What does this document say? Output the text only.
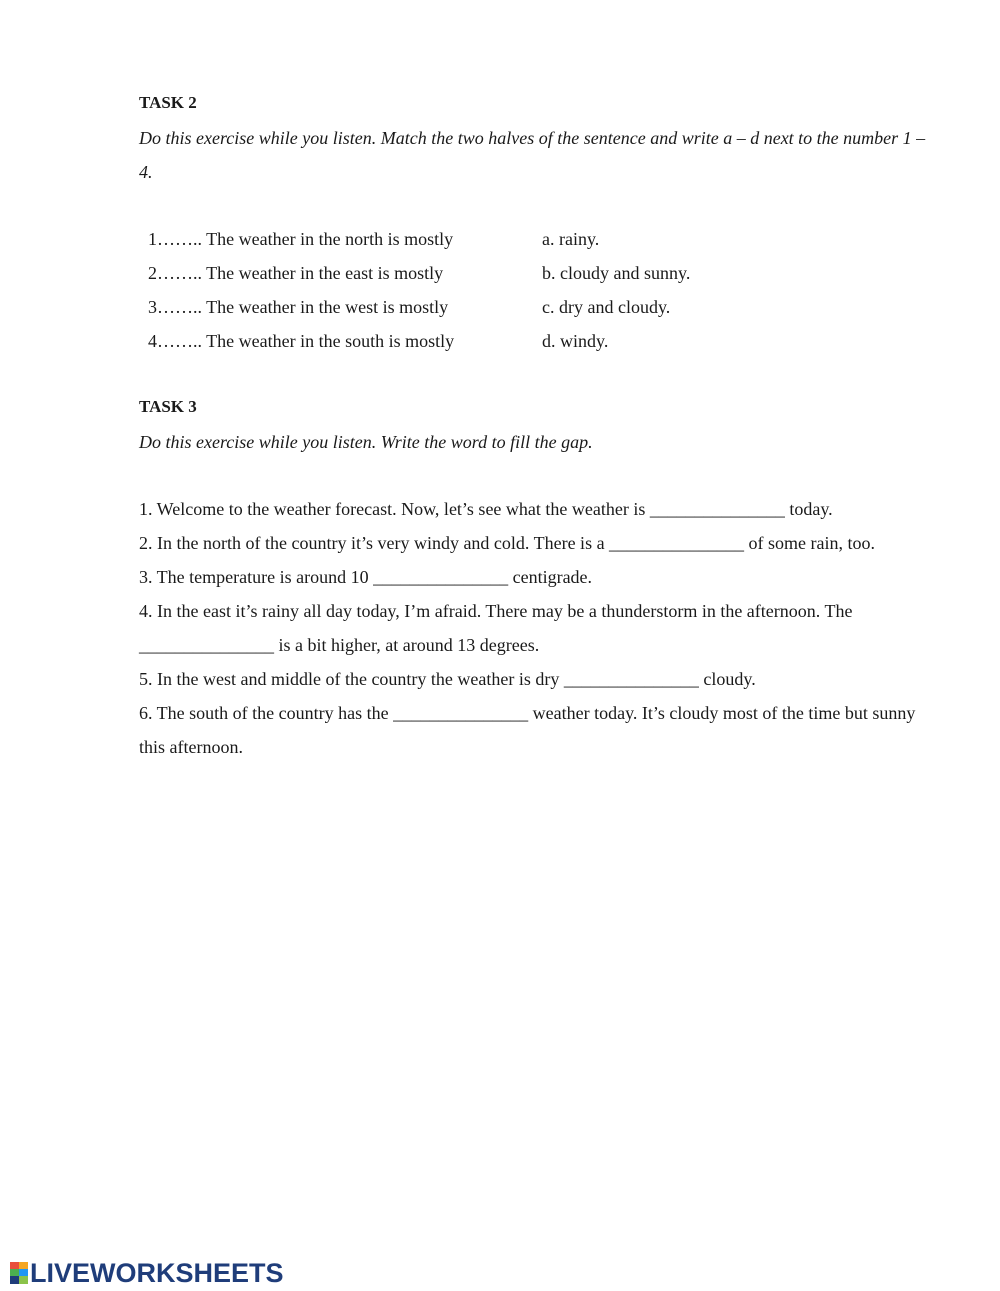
TASK 2
Do this exercise while you listen. Match the two halves of the sentence and write a – d next to the number 1 – 4.
1…….. The weather in the north is mostly	a. rainy.
2…….. The weather in the east is mostly	b. cloudy and sunny.
3…….. The weather in the west is mostly	c. dry and cloudy.
4…….. The weather in the south is mostly	d. windy.
TASK 3
Do this exercise while you listen. Write the word to fill the gap.

1. Welcome to the weather forecast. Now, let’s see what the weather is _______________ today.

2. In the north of the country it’s very windy and cold. There is a _______________ of some rain, too.

3. The temperature is around 10 _______________ centigrade.

4. In the east it’s rainy all day today, I’m afraid. There may be a thunderstorm in the afternoon. The _______________ is a bit higher, at around 13 degrees.

5. In the west and middle of the country the weather is dry _______________ cloudy.

6. The south of the country has the _______________ weather today. It’s cloudy most of the time but sunny this afternoon.

LIVEWORKSHEETS
